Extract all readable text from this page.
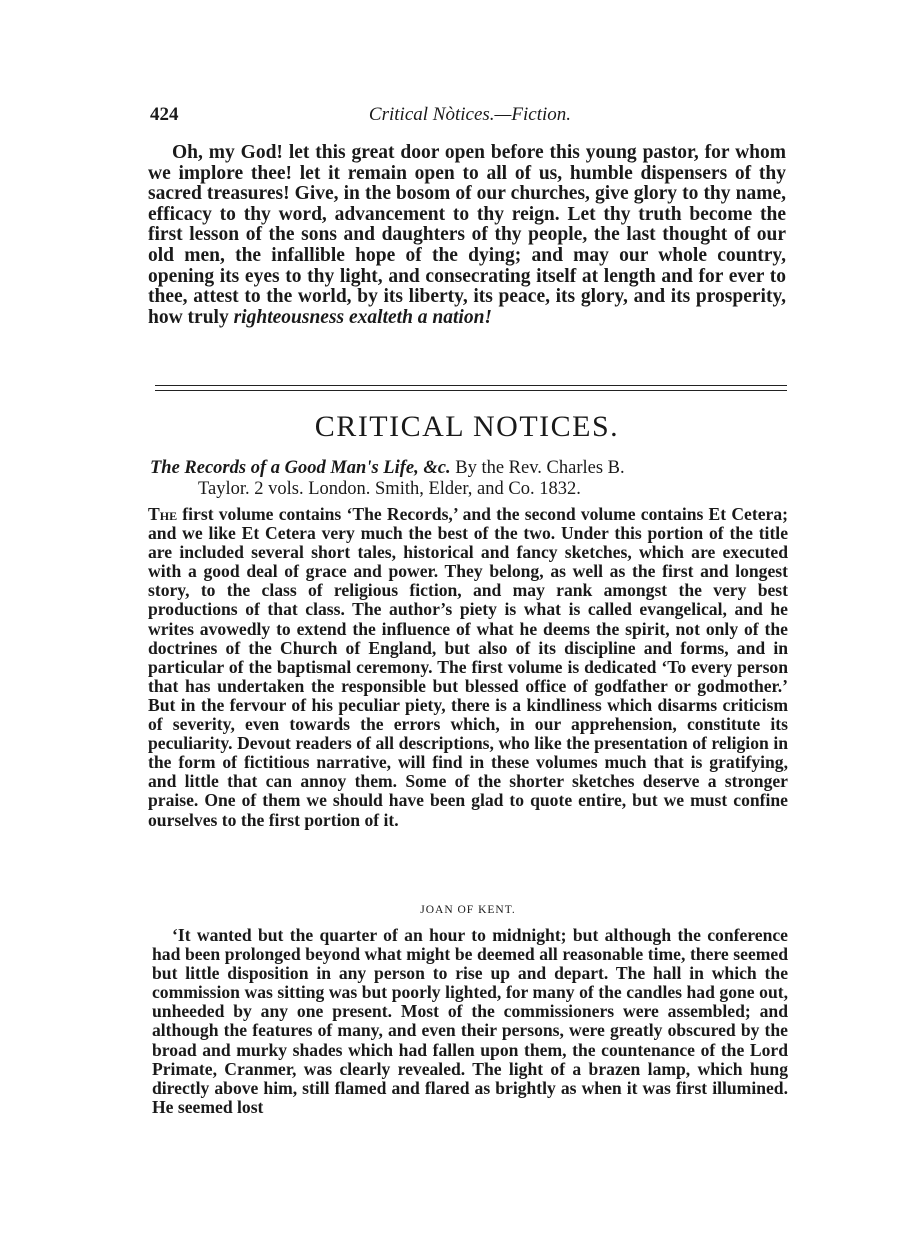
424	Critical Nòtices.—Fiction.

Oh, my God! let this great door open before this young pastor, for whom we implore thee! let it remain open to all of us, humble dispensers of thy sacred treasures! Give, in the bosom of our churches, give glory to thy name, efficacy to thy word, advancement to thy reign. Let thy truth become the first lesson of the sons and daughters of thy people, the last thought of our old men, the infallible hope of the dying; and may our whole country, opening its eyes to thy light, and consecrating itself at length and for ever to thee, attest to the world, by its liberty, its peace, its glory, and its prosperity, how truly righteousness exalteth a nation!

CRITICAL NOTICES.
The Records of a Good Man's Life, &c. By the Rev. Charles B.
Taylor. 2 vols. London. Smith, Elder, and Co. 1832.

The first volume contains ‘The Records,’ and the second volume contains Et Cetera; and we like Et Cetera very much the best of the two. Under this portion of the title are included several short tales, historical and fancy sketches, which are executed with a good deal of grace and power. They belong, as well as the first and longest story, to the class of religious fiction, and may rank amongst the very best productions of that class. The author’s piety is what is called evangelical, and he writes avowedly to extend the influence of what he deems the spirit, not only of the doctrines of the Church of England, but also of its discipline and forms, and in particular of the baptismal ceremony. The first volume is dedicated ‘To every person that has undertaken the responsible but blessed office of godfather or godmother.’ But in the fervour of his peculiar piety, there is a kindliness which disarms criticism of severity, even towards the errors which, in our apprehension, constitute its peculiarity. Devout readers of all descriptions, who like the presentation of religion in the form of fictitious narrative, will find in these volumes much that is gratifying, and little that can annoy them. Some of the shorter sketches deserve a stronger praise. One of them we should have been glad to quote entire, but we must confine ourselves to the first portion of it.

JOAN OF KENT.

‘It wanted but the quarter of an hour to midnight; but although the conference had been prolonged beyond what might be deemed all reasonable time, there seemed but little disposition in any person to rise up and depart. The hall in which the commission was sitting was but poorly lighted, for many of the candles had gone out, unheeded by any one present. Most of the commissioners were assembled; and although the features of many, and even their persons, were greatly obscured by the broad and murky shades which had fallen upon them, the countenance of the Lord Primate, Cranmer, was clearly revealed. The light of a brazen lamp, which hung directly above him, still flamed and flared as brightly as when it was first illumined. He seemed lost
